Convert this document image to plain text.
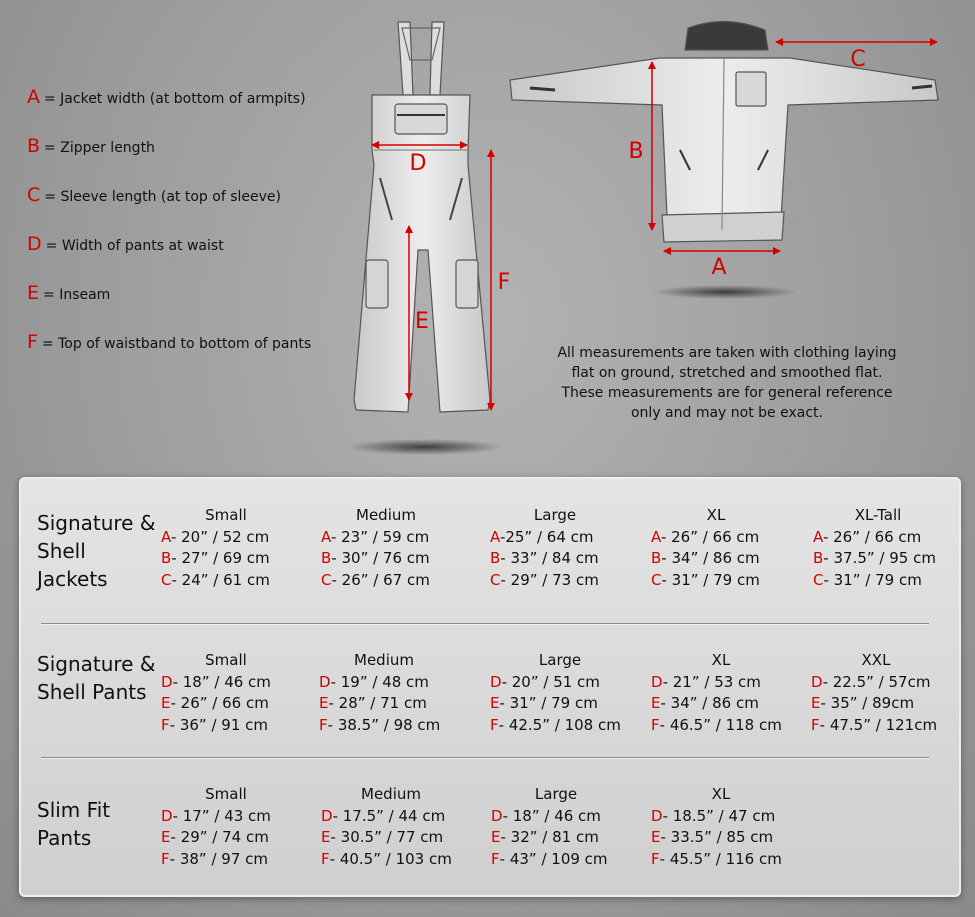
A = Jacket width (at bottom of armpits)
B = Zipper length
C = Sleeve length (at top of sleeve)
D = Width of pants at waist
E = Inseam
F = Top of waistband to bottom of pants
D
E
F
B
A
C
All measurements are taken with clothing laying flat on ground, stretched and smoothed flat. These measurements are for general reference only and may not be exact.
Signature & Shell Jackets
Small
A- 20” / 52 cm
B- 27” / 69 cm
C- 24” / 61 cm
Medium
A- 23” / 59 cm
B- 30” / 76 cm
C- 26” / 67 cm
Large
A-25” / 64 cm
B- 33” / 84 cm
C- 29” / 73 cm
XL
A- 26” / 66 cm
B- 34” / 86 cm
C- 31” / 79 cm
XL-Tall
A- 26” / 66 cm
B- 37.5” / 95 cm
C- 31” / 79 cm
Signature & Shell Pants
Small
D- 18” / 46 cm
E- 26” / 66 cm
F- 36” / 91 cm
Medium
D- 19” / 48 cm
E- 28” / 71 cm
F- 38.5” / 98 cm
Large
D- 20” / 51 cm
E- 31” / 79 cm
F- 42.5” / 108 cm
XL
D- 21” / 53 cm
E- 34” / 86 cm
F- 46.5” / 118 cm
XXL
D- 22.5” / 57cm
E- 35” / 89cm
F- 47.5” / 121cm
Slim Fit Pants
Small
D- 17” / 43 cm
E- 29” / 74 cm
F- 38” / 97 cm
Medium
D- 17.5” / 44 cm
E- 30.5” / 77 cm
F- 40.5” / 103 cm
Large
D- 18” / 46 cm
E- 32” / 81 cm
F- 43” / 109 cm
XL
D- 18.5” / 47 cm
E- 33.5” / 85 cm
F- 45.5” / 116 cm
